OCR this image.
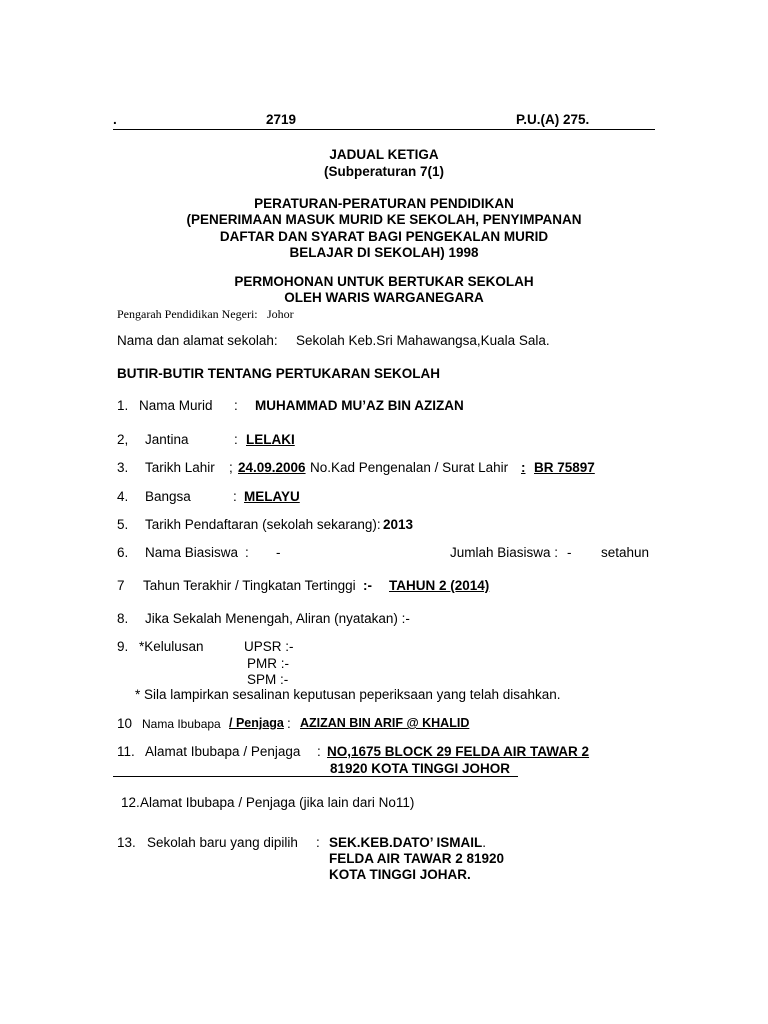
.	2719	P.U.(A) 275.
JADUAL KETIGA
(Subperaturan 7(1)
PERATURAN-PERATURAN PENDIDIKAN
(PENERIMAAN MASUK MURID KE SEKOLAH, PENYIMPANAN
DAFTAR DAN SYARAT BAGI PENGEKALAN MURID
BELAJAR DI SEKOLAH) 1998
PERMOHONAN UNTUK BERTUKAR SEKOLAH
OLEH WARIS WARGANEGARA
Pengarah Pendidikan Negeri: Johor
Nama dan alamat sekolah: Sekolah Keb.Sri Mahawangsa,Kuala Sala.
BUTIR-BUTIR TENTANG PERTUKARAN SEKOLAH
1. Nama Murid : MUHAMMAD MU’AZ BIN AZIZAN
2, Jantina	: LELAKI
3. Tarikh Lahir ; 24.09.2006 No.Kad Pengenalan / Surat Lahir : BR 75897
4. Bangsa	: MELAYU
5. Tarikh Pendaftaran (sekolah sekarang): 2013
6. Nama Biasiswa : -	Jumlah Biasiswa : - setahun
7 Tahun Terakhir / Tingkatan Tertinggi :- TAHUN 2 (2014)
8. Jika Sekalah Menengah, Aliran (nyatakan) :-
9. *Kelulusan	UPSR :-
PMR :-
SPM :-
* Sila lampirkan sesalinan keputusan peperiksaan yang telah disahkan.
10 Nama Ibubapa / Penjaga : AZIZAN BIN ARIF @ KHALID
11. Alamat Ibubapa / Penjaga : NO,1675 BLOCK 29 FELDA AIR TAWAR 2
81920 KOTA TINGGI JOHOR
12. Alamat Ibubapa / Penjaga (jika lain dari No11)
13. Sekolah baru yang dipilih : SEK.KEB.DATO’ ISMAIL.
FELDA AIR TAWAR 2 81920
KOTA TINGGI JOHAR.
